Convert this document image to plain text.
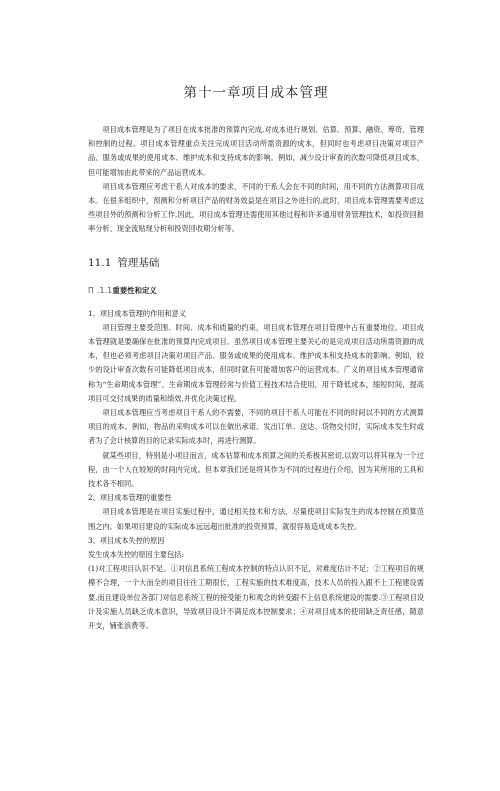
第十一章项目成本管理

项目成本管理是为了项目在成本批准的预算内完成,对成本进行规划、估算、预算、融资、筹资、管理和控制的过程。项目成本管理重点关注完成项目活动所需资源的成本，但同时也考虑项目决策对项目产品、服务或成果的使用成本、维护成本和支持成本的影响。例如，减少设计审查的次数可降低项目成本，但可能增加由此带来的产品运营成本。

项目成本管理应考虑干系人对成本的要求，不同的干系人会在不同的时间，用不同的方法测算项目成本。在很多组织中，预测和分析项目产品的财务效益是在项目之外进行的,此时，项目成本管理需要考虑这些项目外的预测和分析工作,因此，项目成本管理还需使用其他过程和许多通用财务管理技术，如投资回报率分析、现金流贴现分析和投资回收期分析等。

11.1 管理基础
П .1.1重要性和定义

1、项目成本管理的作用和意义

项目管理主要受范围、时间、成本和质量的约束，项目成本管理在项目管理中占有重要地位。项目成本管理就是要确保在批准的预算内完成项目。虽然项目成本管理主要关心的是完成项目活动所需资源的成本，但也必须考虑项目决策对项目产品、服务或成果的使用成本、维护成本和支持成本的影响。例如，较少的设计审查次数有可能降低项目成本，但同时就有可能增加客户的运营成本。广义的项目成本管理通常称为“生命期成本管理”。生命期成本管理经常与价值工程技术结合使用，用于降低成本，缩短时间，提高项目可交付成果的质量和绩效,并优化决策过程。

项目成本管理应当考虑项目干系人的不需要，不同的项目干系人可能在不同的时间以不同的方式测算项目的成本。例如，物品的采购成本可以在做出承诺、发出订单、送达、货物交付时，实际成本发生时或者为了会计核算的目的记录实际成本时，再进行测算。

就某些项目，特别是小项目而言，成本估算和成本预算之间的关系极其密切,以致可以将其视为一个过程，由一个人在较短的时间内完成。但本章我们还是将其作为不同的过程进行介绍，因为其所用的工具和技术各不相同。

2、项目成本管理的重要性

项目成本管理是在项目实施过程中，通过相关技术和方法，尽量使项目实际发生的成本控制在预算范围之内。如果项目建设的实际成本远远超出批准的投资预算，就很容易造成成本失控。

3、项目成本失控的原因

发生成本失控的原因主要包括:

(1)对工程项目认识不足。①对信息系统工程成本控制的特点认识不足，对难度估计不足；②工程项目的规模不合理，一个大而全的项目往往工期很长，工程实施的技术难度高，技术人员的投入跟不上工程建设需要,而且建设单位各部门对信息系统工程的接受能力和观念的转变跟不上信息系统建设的需要.③工程项目设计及实施人员缺乏成本意识，导致项目设计不满足成本控制要求；④对项目成本的使用缺乏责任感，随意开支，铺张浪费等。
